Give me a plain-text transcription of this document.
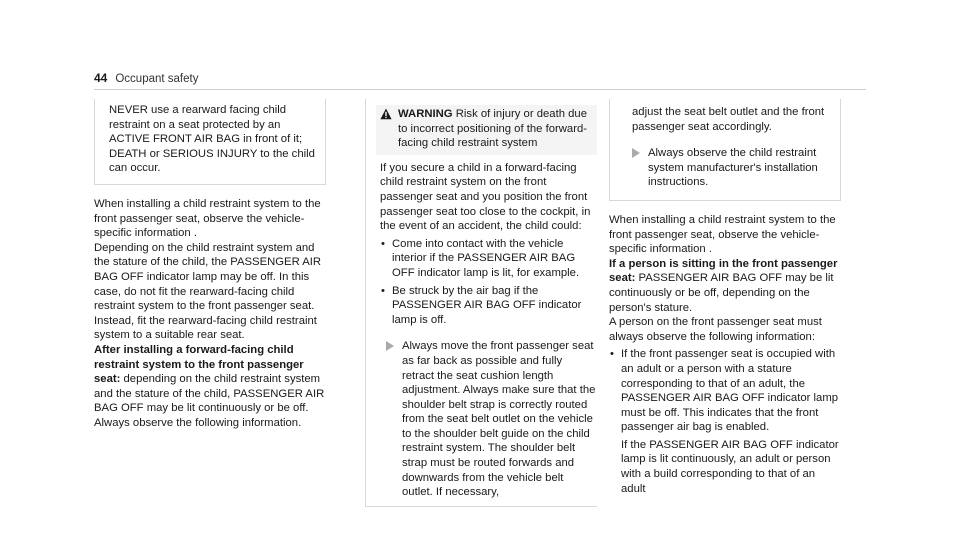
44 Occupant safety

NEVER use a rearward facing child restraint on a seat protected by an ACTIVE FRONT AIR BAG in front of it; DEATH or SERIOUS INJURY to the child can occur.

When installing a child restraint system to the front passenger seat, observe the vehicle-specific information .

Depending on the child restraint system and the stature of the child, the PASSENGER AIR BAG OFF indicator lamp may be off. In this case, do not fit the rearward-facing child restraint system to the front passenger seat.

Instead, fit the rearward-facing child restraint system to a suitable rear seat.

After installing a forward-facing child restraint system to the front passenger seat: depending on the child restraint system and the stature of the child, PASSENGER AIR BAG OFF may be lit continuously or be off.

Always observe the following information.

WARNING Risk of injury or death due to incorrect positioning of the forward-facing child restraint system

If you secure a child in a forward-facing child restraint system on the front passenger seat and you position the front passenger seat too close to the cockpit, in the event of an accident, the child could:

• Come into contact with the vehicle interior if the PASSENGER AIR BAG OFF indicator lamp is lit, for example.
• Be struck by the air bag if the PASSENGER AIR BAG OFF indicator lamp is off.

Always move the front passenger seat as far back as possible and fully retract the seat cushion length adjustment. Always make sure that the shoulder belt strap is correctly routed from the seat belt outlet on the vehicle to the shoulder belt guide on the child restraint system. The shoulder belt strap must be routed forwards and downwards from the vehicle belt outlet. If necessary,

adjust the seat belt outlet and the front passenger seat accordingly.

Always observe the child restraint system manufacturer's installation instructions.

When installing a child restraint system to the front passenger seat, observe the vehicle-specific information .

If a person is sitting in the front passenger seat: PASSENGER AIR BAG OFF may be lit continuously or be off, depending on the person's stature.

A person on the front passenger seat must always observe the following information:

• If the front passenger seat is occupied with an adult or a person with a stature corresponding to that of an adult, the PASSENGER AIR BAG OFF indicator lamp must be off. This indicates that the front passenger air bag is enabled.
If the PASSENGER AIR BAG OFF indicator lamp is lit continuously, an adult or person with a build corresponding to that of an adult
